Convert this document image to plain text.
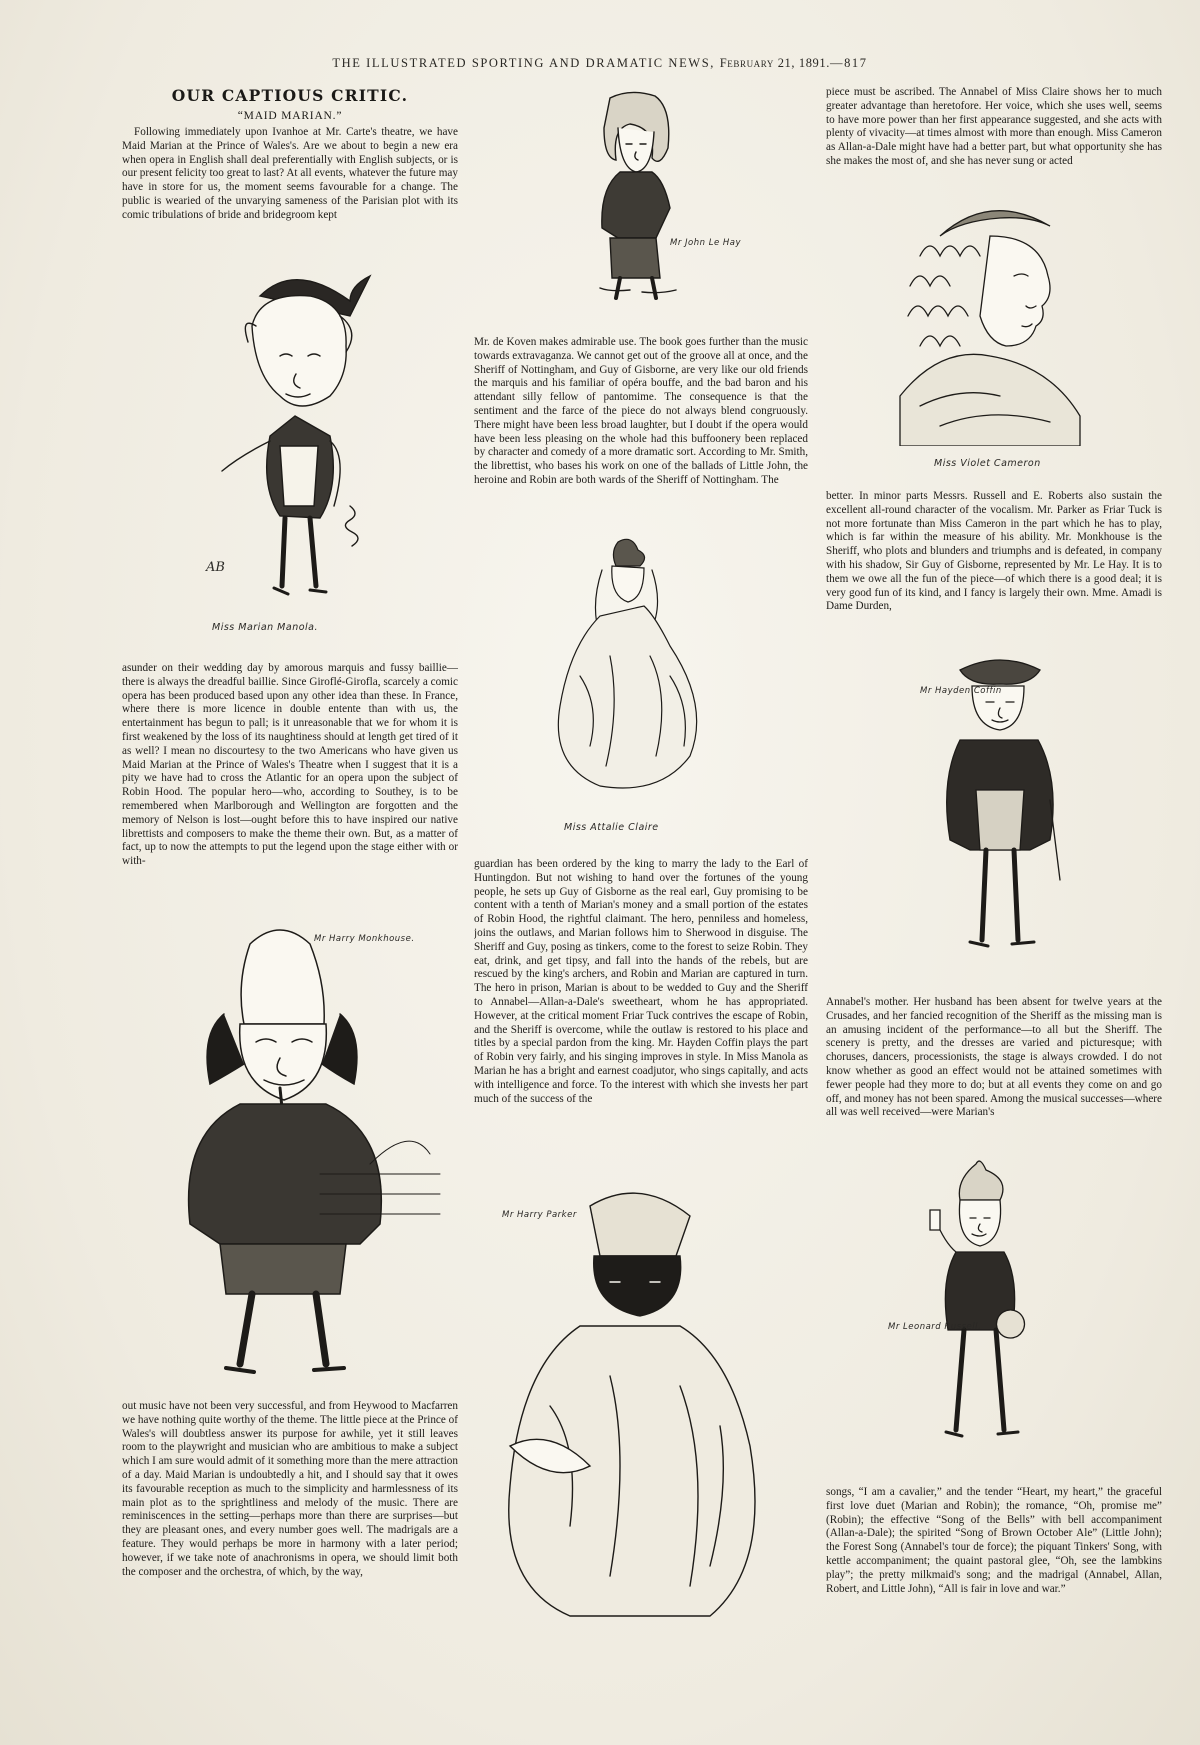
THE ILLUSTRATED SPORTING AND DRAMATIC NEWS, February 21, 1891.—817
OUR CAPTIOUS CRITIC.
“MAID MARIAN.”

Following immediately upon Ivanhoe at Mr. Carte's theatre, we have Maid Marian at the Prince of Wales's. Are we about to begin a new era when opera in English shall deal preferentially with English subjects, or is our present felicity too great to last? At all events, whatever the future may have in store for us, the moment seems favourable for a change. The public is wearied of the unvarying sameness of the Parisian plot with its comic tribulations of bride and bridegroom kept

asunder on their wedding day by amorous marquis and fussy baillie—there is always the dreadful baillie. Since Giroflé-Girofla, scarcely a comic opera has been produced based upon any other idea than these. In France, where there is more licence in double entente than with us, the entertainment has begun to pall; is it unreasonable that we for whom it is first weakened by the loss of its naughtiness should at length get tired of it as well? I mean no discourtesy to the two Americans who have given us Maid Marian at the Prince of Wales's Theatre when I suggest that it is a pity we have had to cross the Atlantic for an opera upon the subject of Robin Hood. The popular hero—who, according to Southey, is to be remembered when Marlborough and Wellington are forgotten and the memory of Nelson is lost—ought before this to have inspired our native librettists and composers to make the theme their own. But, as a matter of fact, up to now the attempts to put the legend upon the stage either with or with-

out music have not been very successful, and from Heywood to Macfarren we have nothing quite worthy of the theme. The little piece at the Prince of Wales's will doubtless answer its purpose for awhile, yet it still leaves room to the playwright and musician who are ambitious to make a subject which I am sure would admit of it something more than the mere attraction of a day. Maid Marian is undoubtedly a hit, and I should say that it owes its favourable reception as much to the simplicity and harmlessness of its main plot as to the sprightliness and melody of the music. There are reminiscences in the setting—perhaps more than there are surprises—but they are pleasant ones, and every number goes well. The madrigals are a feature. They would perhaps be more in harmony with a later period; however, if we take note of anachronisms in opera, we should limit both the composer and the orchestra, of which, by the way,

Mr. de Koven makes admirable use. The book goes further than the music towards extravaganza. We cannot get out of the groove all at once, and the Sheriff of Nottingham, and Guy of Gisborne, are very like our old friends the marquis and his familiar of opéra bouffe, and the bad baron and his attendant silly fellow of pantomime. The consequence is that the sentiment and the farce of the piece do not always blend congruously. There might have been less broad laughter, but I doubt if the opera would have been less pleasing on the whole had this buffoonery been replaced by character and comedy of a more dramatic sort. According to Mr. Smith, the librettist, who bases his work on one of the ballads of Little John, the heroine and Robin are both wards of the Sheriff of Nottingham. The

guardian has been ordered by the king to marry the lady to the Earl of Huntingdon. But not wishing to hand over the fortunes of the young people, he sets up Guy of Gisborne as the real earl, Guy promising to be content with a tenth of Marian's money and a small portion of the estates of Robin Hood, the rightful claimant. The hero, penniless and homeless, joins the outlaws, and Marian follows him to Sherwood in disguise. The Sheriff and Guy, posing as tinkers, come to the forest to seize Robin. They eat, drink, and get tipsy, and fall into the hands of the rebels, but are rescued by the king's archers, and Robin and Marian are captured in turn. The hero in prison, Marian is about to be wedded to Guy and the Sheriff to Annabel—Allan-a-Dale's sweetheart, whom he has appropriated. However, at the critical moment Friar Tuck contrives the escape of Robin, and the Sheriff is overcome, while the outlaw is restored to his place and titles by a special pardon from the king. Mr. Hayden Coffin plays the part of Robin very fairly, and his singing improves in style. In Miss Manola as Marian he has a bright and earnest coadjutor, who sings capitally, and acts with intelligence and force. To the interest with which she invests her part much of the success of the

piece must be ascribed. The Annabel of Miss Claire shows her to much greater advantage than heretofore. Her voice, which she uses well, seems to have more power than her first appearance suggested, and she acts with plenty of vivacity—at times almost with more than enough. Miss Cameron as Allan-a-Dale might have had a better part, but what opportunity she has she makes the most of, and she has never sung or acted

better. In minor parts Messrs. Russell and E. Roberts also sustain the excellent all-round character of the vocalism. Mr. Parker as Friar Tuck is not more fortunate than Miss Cameron in the part which he has to play, which is far within the measure of his ability. Mr. Monkhouse is the Sheriff, who plots and blunders and triumphs and is defeated, in company with his shadow, Sir Guy of Gisborne, represented by Mr. Le Hay. It is to them we owe all the fun of the piece—of which there is a good deal; it is very good fun of its kind, and I fancy is largely their own. Mme. Amadi is Dame Durden,

Annabel's mother. Her husband has been absent for twelve years at the Crusades, and her fancied recognition of the Sheriff as the missing man is an amusing incident of the performance—to all but the Sheriff. The scenery is pretty, and the dresses are varied and picturesque; with choruses, dancers, processionists, the stage is always crowded. I do not know whether as good an effect would not be attained sometimes with fewer people had they more to do; but at all events they come on and go off, and money has not been spared. Among the musical successes—where all was well received—were Marian's

songs, “I am a cavalier,” and the tender “Heart, my heart,” the graceful first love duet (Marian and Robin); the romance, “Oh, promise me” (Robin); the effective “Song of the Bells” with bell accompaniment (Allan-a-Dale); the spirited “Song of Brown October Ale” (Little John); the Forest Song (Annabel's tour de force); the piquant Tinkers' Song, with kettle accompaniment; the quaint pastoral glee, “Oh, see the lambkins play”; the pretty milkmaid's song; and the madrigal (Annabel, Allan, Robert, and Little John), “All is fair in love and war.”

AB
Miss Marian Manola.
Mr John Le Hay
Miss Violet Cameron
Miss Attalie Claire
Mr Hayden Coffin
Mr Harry Monkhouse.
Mr Harry Parker
Mr Leonard Russell.
